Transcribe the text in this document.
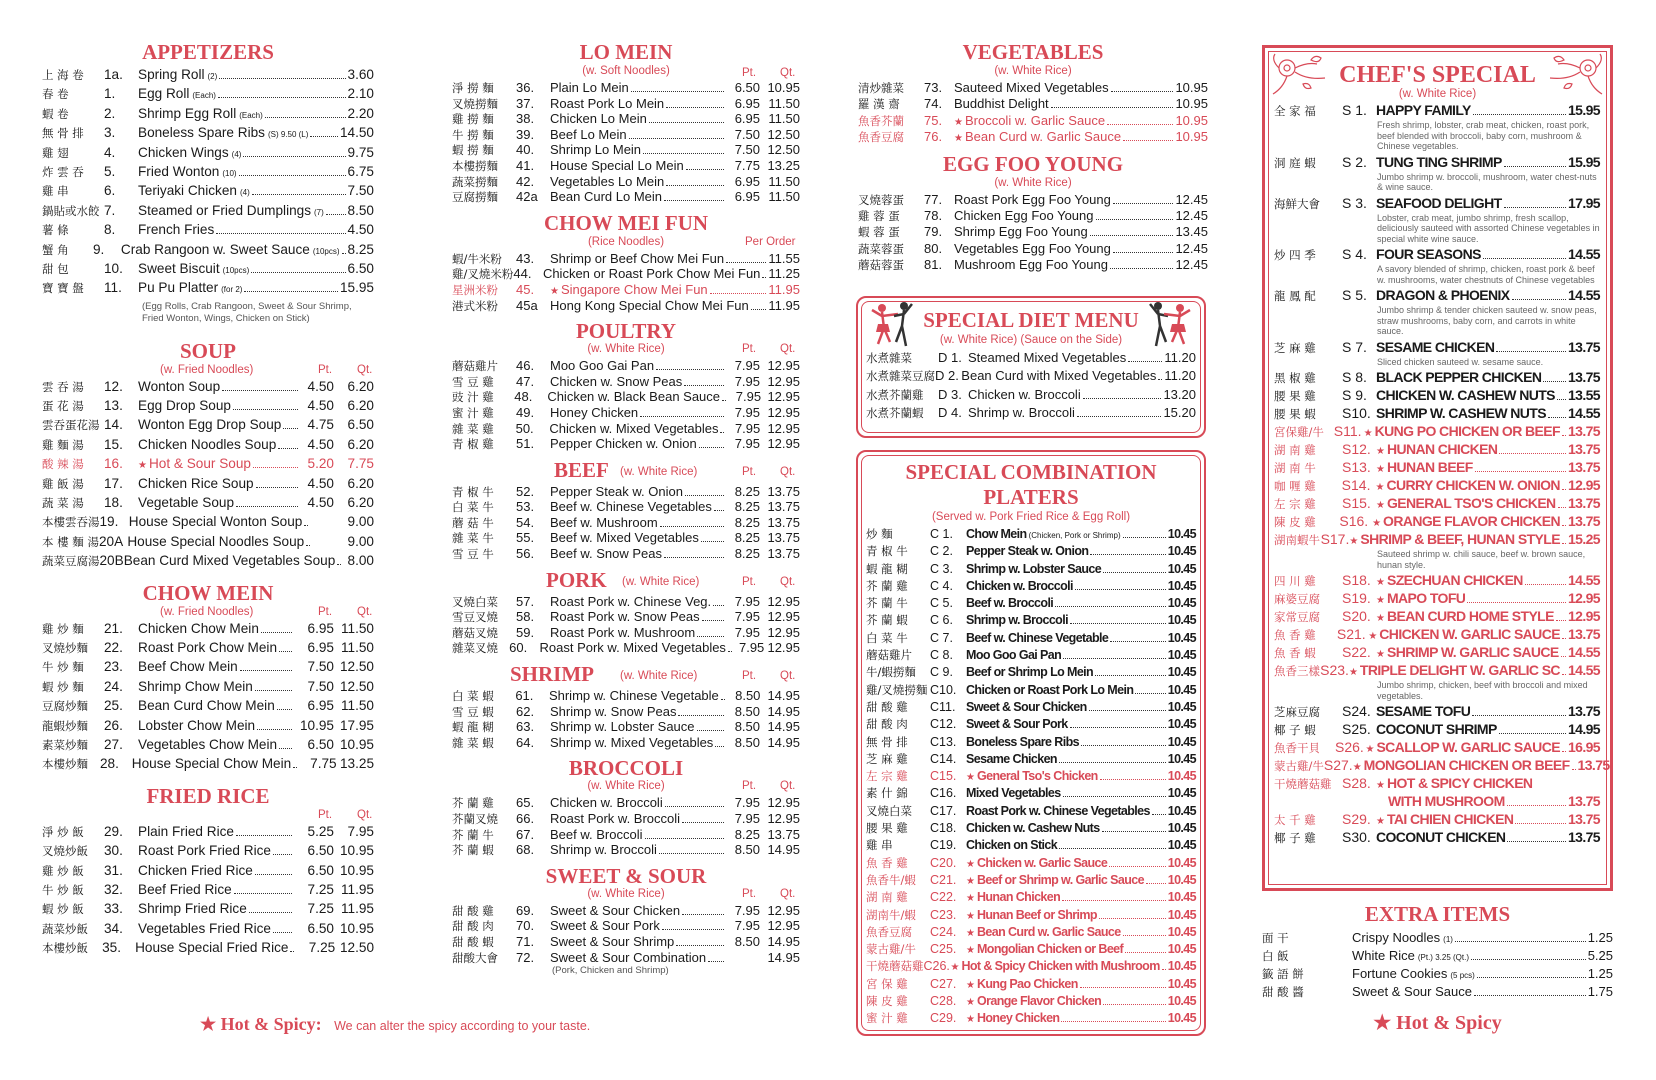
APPETIZERS
上 海 卷	1a.	Spring Roll (2)	3.60
春 卷	1.	Egg Roll (Each)	2.10
蝦 卷	2.	Shrimp Egg Roll (Each)	2.20
無 骨 排	3.	Boneless Spare Ribs (S) 9.50 (L) 14.50
雞 翅	4.	Chicken Wings (4)	9.75
炸 雲 吞	5.	Fried Wonton (10)	6.75
雞 串	6.	Teriyaki Chicken (4)	7.50
鍋貼或水餃 7.	Steamed or Fried Dumplings (7) 8.50
薯 條	8.	French Fries	4.50
蟹 角	9.	Crab Rangoon w. Sweet Sauce (10pcs) 8.25
甜 包	10.	Sweet Biscuit (10pcs)	6.50
寶 寶 盤	11.	Pu Pu Platter (for 2)	15.95
(Egg Rolls, Crab Rangoon, Sweet & Sour Shrimp,
Fried Wonton, Wings, Chicken on Stick)
SOUP
(w. Fried Noodles)	Pt. Qt.
雲 吞 湯	12.	Wonton Soup	4.50 6.20
蛋 花 湯	13.	Egg Drop Soup	4.50 6.20
雲吞蛋花湯 14.	Wonton Egg Drop Soup	4.75 6.50
雞 麵 湯	15.	Chicken Noodles Soup	4.50 6.20
酸 辣 湯	16.	★ Hot & Sour Soup	5.20 7.75
雞 飯 湯	17.	Chicken Rice Soup	4.50 6.20
蔬 菜 湯	18.	Vegetable Soup	4.50 6.20
本樓雲吞湯 19. House Special Wonton Soup	9.00
本 樓 麵 湯 20A House Special Noodles Soup	9.00
蔬菜豆腐湯 20B Bean Curd Mixed Vegetables Soup 8.00
CHOW MEIN
(w. Fried Noodles)	Pt. Qt.
雞 炒 麵	21.	Chicken Chow Mein	6.95 11.50
叉燒炒麵	22.	Roast Pork Chow Mein	6.95 11.50
牛 炒 麵	23.	Beef Chow Mein	7.50 12.50
蝦 炒 麵	24.	Shrimp Chow Mein	7.50 12.50
豆腐炒麵	25.	Bean Curd Chow Mein	6.95 11.50
龍蝦炒麵	26.	Lobster Chow Mein	10.95 17.95
素菜炒麵	27.	Vegetables Chow Mein	6.50 10.95
本樓炒麵 28. House Special Chow Mein	7.75 13.25
FRIED RICE
Pt. Qt.
淨 炒 飯	29.	Plain Fried Rice	5.25 7.95
叉燒炒飯	30.	Roast Pork Fried Rice	6.50 10.95
雞 炒 飯	31.	Chicken Fried Rice	6.50 10.95
牛 炒 飯	32.	Beef Fried Rice	7.25 11.95
蝦 炒 飯	33.	Shrimp Fried Rice	7.25 11.95
蔬菜炒飯	34.	Vegetables Fried Rice	6.50 10.95
本樓炒飯	35.	House Special Fried Rice	7.25 12.50
★ Hot & Spicy: We can alter the spicy according to your taste.
LO MEIN
(w. Soft Noodles)	Pt. Qt.
淨 撈 麵	36.	Plain Lo Mein	6.50 10.95
叉燒撈麵	37.	Roast Pork Lo Mein	6.95 11.50
雞 撈 麵	38.	Chicken Lo Mein	6.95 11.50
牛 撈 麵	39.	Beef Lo Mein	7.50 12.50
蝦 撈 麵	40.	Shrimp Lo Mein	7.50 12.50
本樓撈麵	41.	House Special Lo Mein	7.75 13.25
蔬菜撈麵	42.	Vegetables Lo Mein	6.95 11.50
豆腐撈麵	42a Bean Curd Lo Mein	6.95 11.50
CHOW MEI FUN
(Rice Noodles)	Per Order
蝦/牛米粉	43.	Shrimp or Beef Chow Mei Fun	11.55
雞/叉燒米粉 44. Chicken or Roast Pork Chow Mei Fun 11.25
星洲米粉	45.	★ Singapore Chow Mei Fun	11.95
港式米粉	45a Hong Kong Special Chow Mei Fun 11.95
POULTRY
(w. White Rice)	Pt. Qt.
蘑菇雞片	46.	Moo Goo Gai Pan	7.95 12.95
雪 豆 雞	47.	Chicken w. Snow Peas	7.95 12.95
豉 汁 雞	48.	Chicken w. Black Bean Sauce	7.95 12.95
蜜 汁 雞	49.	Honey Chicken	7.95 12.95
雜 菜 雞	50.	Chicken w. Mixed Vegetables	7.95 12.95
青 椒 雞	51.	Pepper Chicken w. Onion	7.95 12.95
BEEF (w. White Rice)	Pt. Qt.
青 椒 牛	52.	Pepper Steak w. Onion	8.25 13.75
白 菜 牛	53.	Beef w. Chinese Vegetables	8.25 13.75
蘑 菇 牛	54.	Beef w. Mushroom	8.25 13.75
雜 菜 牛	55.	Beef w. Mixed Vegetables	8.25 13.75
雪 豆 牛	56.	Beef w. Snow Peas	8.25 13.75
PORK (w. White Rice)	Pt. Qt.
叉燒白菜	57.	Roast Pork w. Chinese Veg.	7.95 12.95
雪豆叉燒	58.	Roast Pork w. Snow Peas	7.95 12.95
蘑菇叉燒	59.	Roast Pork w. Mushroom	7.95 12.95
雜菜叉燒 60. Roast Pork w. Mixed Vegetables	7.95 12.95
SHRIMP (w. White Rice)	Pt. Qt.
白 菜 蝦	61.	Shrimp w. Chinese Vegetable	8.50 14.95
雪 豆 蝦	62.	Shrimp w. Snow Peas	8.50 14.95
蝦 龍 糊	63.	Shrimp w. Lobster Sauce	8.50 14.95
雜 菜 蝦	64.	Shrimp w. Mixed Vegetables	8.50 14.95
BROCCOLI
(w. White Rice)	Pt. Qt.
芥 蘭 雞	65.	Chicken w. Broccoli	7.95 12.95
芥蘭叉燒	66.	Roast Pork w. Broccoli	7.95 12.95
芥 蘭 牛	67.	Beef w. Broccoli	8.25 13.75
芥 蘭 蝦	68.	Shrimp w. Broccoli	8.50 14.95
SWEET & SOUR
(w. White Rice)	Pt. Qt.
甜 酸 雞	69.	Sweet & Sour Chicken	7.95 12.95
甜 酸 肉	70.	Sweet & Sour Pork	7.95 12.95
甜 酸 蝦	71.	Sweet & Sour Shrimp	8.50 14.95
甜酸大會	72.	Sweet & Sour Combination	14.95
(Pork, Chicken and Shrimp)
VEGETABLES
(w. White Rice)
清炒雜菜	73. Sauteed Mixed Vegetables	10.95
羅 漢 齋	74. Buddhist Delight	10.95
魚香芥蘭	75.	★ Broccoli w. Garlic Sauce	10.95
魚香豆腐	76.	★ Bean Curd w. Garlic Sauce	10.95
EGG FOO YOUNG
(w. White Rice)
叉燒蓉蛋	77. Roast Pork Egg Foo Young	12.45
雞 蓉 蛋	78. Chicken Egg Foo Young	12.45
蝦 蓉 蛋	79. Shrimp Egg Foo Young	13.45
蔬菜蓉蛋	80. Vegetables Egg Foo Young	12.45
蘑菇蓉蛋	81. Mushroom Egg Foo Young	12.45
SPECIAL DIET MENU
(w. White Rice) (Sauce on the Side)
水煮雜菜	D 1. Steamed Mixed Vegetables	11.20
水煮雜菜豆腐 D 2. Bean Curd with Mixed Vegetables 11.20
水煮芥蘭雞	D 3. Chicken w. Broccoli	13.20
水煮芥蘭蝦	D 4. Shrimp w. Broccoli	15.20
SPECIAL COMBINATION
PLATERS
(Served w. Pork Fried Rice & Egg Roll)
炒 麵	C 1.	Chow Mein (Chicken, Pork or Shrimp)	10.45
青 椒 牛	C 2.	Pepper Steak w. Onion	10.45
蝦 龍 糊	C 3.	Shrimp w. Lobster Sauce	10.45
芥 蘭 雞	C 4.	Chicken w. Broccoli	10.45
芥 蘭 牛	C 5.	Beef w. Broccoli	10.45
芥 蘭 蝦	C 6.	Shrimp w. Broccoli	10.45
白 菜 牛	C 7.	Beef w. Chinese Vegetable	10.45
蘑菇雞片	C 8.	Moo Goo Gai Pan	10.45
牛/蝦撈麵	C 9.	Beef or Shrimp Lo Mein	10.45
雞/叉燒撈麵 C10. Chicken or Roast Pork Lo Mein	10.45
甜 酸 雞	C11. Sweet & Sour Chicken	10.45
甜 酸 肉	C12. Sweet & Sour Pork	10.45
無 骨 排	C13. Boneless Spare Ribs	10.45
芝 麻 雞	C14. Sesame Chicken	10.45
左 宗 雞	C15. ★ General Tso's Chicken	10.45
素 什 錦	C16. Mixed Vegetables	10.45
叉燒白菜	C17. Roast Pork w. Chinese Vegetables 10.45
腰 果 雞	C18. Chicken w. Cashew Nuts	10.45
雞 串	C19. Chicken on Stick	10.45
魚 香 雞	C20. ★ Chicken w. Garlic Sauce	10.45
魚香牛/蝦	C21. ★ Beef or Shrimp w. Garlic Sauce 10.45
湖 南 雞	C22. ★ Hunan Chicken	10.45
湖南牛/蝦	C23. ★ Hunan Beef or Shrimp	10.45
魚香豆腐	C24. ★ Bean Curd w. Garlic Sauce	10.45
蒙古雞/牛	C25. ★ Mongolian Chicken or Beef	10.45
干燒蘑菇雞 C26. ★ Hot & Spicy Chicken with Mushroom 10.45
宮 保 雞	C27. ★ Kung Pao Chicken	10.45
陳 皮 雞	C28. ★ Orange Flavor Chicken	10.45
蜜 汁 雞	C29. ★ Honey Chicken	10.45
CHEF'S SPECIAL
(w. White Rice)
全 家 福	S 1. HAPPY FAMILY	15.95
Fresh shrimp, lobster, crab meat, chicken, roast pork, beef blended with broccoli, baby corn, mushroom & Chinese vegetables.
洞 庭 蝦	S 2. TUNG TING SHRIMP	15.95
Jumbo shrimp w. broccoli, mushroom, water chest-nuts & wine sauce.
海鮮大會	S 3. SEAFOOD DELIGHT	17.95
Lobster, crab meat, jumbo shrimp, fresh scallop, deliciously sauteed with assorted Chinese vegetables in special white wine sauce.
炒 四 季	S 4. FOUR SEASONS	14.55
A savory blended of shrimp, chicken, roast pork & beef w. mushrooms, water chestnuts of Chinese vegetables
龍 鳳 配	S 5. DRAGON & PHOENIX	14.55
Jumbo shrimp & tender chicken sauteed w. snow peas, straw mushrooms, baby corn, and carrots in white sauce.
芝 麻 雞	S 7. SESAME CHICKEN	13.75
Sliced chicken sauteed w. sesame sauce.
黑 椒 雞	S 8. BLACK PEPPER CHICKEN 13.75
腰 果 雞	S 9. CHICKEN W. CASHEW NUTS 13.55
腰 果 蝦	S10. SHRIMP W. CASHEW NUTS 14.55
宮保雞/牛 S11. ★ KUNG PO CHICKEN OR BEEF 13.75
湖 南 雞	S12. ★ HUNAN CHICKEN	13.75
湖 南 牛	S13. ★ HUNAN BEEF	13.75
咖 喱 雞	S14. ★ CURRY CHICKEN W. ONION 12.95
左 宗 雞	S15. ★ GENERAL TSO'S CHICKEN 13.75
陳 皮 雞	S16. ★ ORANGE FLAVOR CHICKEN 13.75
湖南蝦牛 S17. ★ SHRIMP & BEEF, HUNAN STYLE 15.25
Sauteed shrimp w. chili sauce, beef w. brown sauce, hunan style.
四 川 雞	S18. ★ SZECHUAN CHICKEN	14.55
麻婆豆腐	S19. ★ MAPO TOFU	12.95
家常豆腐	S20. ★ BEAN CURD HOME STYLE 12.95
魚 香 雞	S21. ★ CHICKEN W. GARLIC SAUCE 13.75
魚 香 蝦	S22. ★ SHRIMP W. GARLIC SAUCE 14.55
魚香三樣 S23. ★ TRIPLE DELIGHT W. GARLIC SC 14.55
Jumbo shrimp, chicken, beef with broccoli and mixed vegetables.
芝麻豆腐	S24. SESAME TOFU	13.75
椰 子 蝦	S25. COCONUT SHRIMP	14.95
魚香干貝	S26. ★ SCALLOP W. GARLIC SAUCE 16.95
蒙古雞/牛 S27. ★ MONGOLIAN CHICKEN OR BEEF 13.75
干燒蘑菇雞 S28. ★ HOT & SPICY CHICKEN
WITH MUSHROOM	13.75
太 千 雞	S29. ★ TAI CHIEN CHICKEN	13.75
椰 子 雞	S30. COCONUT CHICKEN	13.75
EXTRA ITEMS
面 干	Crispy Noodles (1)	1.25
白 飯	White Rice (Pt.) 3.25 (Qt.)	5.25
籤 語 餅	Fortune Cookies (5 pcs)	1.25
甜 酸 醬	Sweet & Sour Sauce	1.75
★ Hot & Spicy
